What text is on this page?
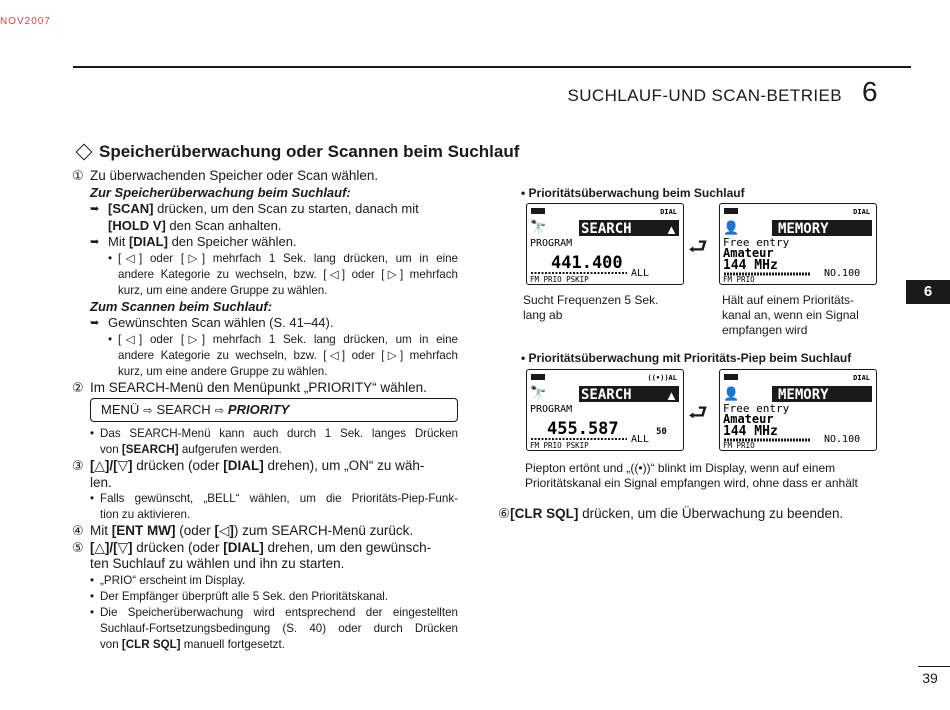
NOV2007
SUCHLAUF-UND SCAN-BETRIEB 6
6
39
Speicherüberwachung oder Scannen beim Suchlauf
① Zu überwachenden Speicher oder Scan wählen.
Zur Speicherüberwachung beim Suchlauf:
➥ [SCAN] drücken, um den Scan zu starten, danach mit
[HOLD V] den Scan anhalten.
➥ Mit [DIAL] den Speicher wählen.
• [◁] oder [▷] mehrfach 1 Sek. lang drücken, um in eine
andere Kategorie zu wechseln, bzw. [◁] oder [▷] mehrfach
kurz, um eine andere Gruppe zu wählen.
Zum Scannen beim Suchlauf:
➥ Gewünschten Scan wählen (S. 41–44).
• [◁] oder [▷] mehrfach 1 Sek. lang drücken, um in eine
andere Kategorie zu wechseln, bzw. [◁] oder [▷] mehrfach
kurz, um eine andere Gruppe zu wählen.
② Im SEARCH-Menü den Menüpunkt „PRIORITY“ wählen.
MENÜ ⇨ SEARCH ⇨ PRIORITY
• Das SEARCH-Menü kann auch durch 1 Sek. langes Drücken
von [SEARCH] aufgerufen werden.
③ [△]/[▽] drücken (oder [DIAL] drehen), um „ON“ zu wäh-
len.
• Falls gewünscht, „BELL“ wählen, um die Prioritäts-Piep-Funk-
tion zu aktivieren.
④ Mit [ENT MW] (oder [◁]) zum SEARCH-Menü zurück.
⑤ [△]/[▽] drücken (oder [DIAL] drehen, um den gewünsch-
ten Suchlauf zu wählen und ihn zu starten.
• „PRIO“ erscheint im Display.
• Der Empfänger überprüft alle 5 Sek. den Prioritätskanal.
• Die Speicherüberwachung wird entsprechend der eingestellten
Suchlauf-Fortsetzungsbedingung (S. 40) oder durch Drücken
von [CLR SQL] manuell fortgesetzt.
• Prioritätsüberwachung beim Suchlauf
DIAL
🔭 SEARCH	▲
PROGRAM
441.400
ALL
FM PRIO PSKIP
⮐
DIAL
👤	MEMORY
Free entry
Amateur
144 MHz
NO.100
FM PRIO
Sucht Frequenzen 5 Sek.
lang ab
Hält auf einem Prioritäts-
kanal an, wenn ein Signal
empfangen wird
• Prioritätsüberwachung mit Prioritäts-Piep beim Suchlauf
((•))AL
🔭 SEARCH	▲
PROGRAM
455.587	50
ALL
FM PRIO PSKIP
⮐
DIAL
👤	MEMORY
Free entry
Amateur
144 MHz
NO.100
FM PRIO
Piepton ertönt und „((•))“ blinkt im Display, wenn auf einem
Prioritätskanal ein Signal empfangen wird, ohne dass er anhält
⑥[CLR SQL] drücken, um die Überwachung zu beenden.
